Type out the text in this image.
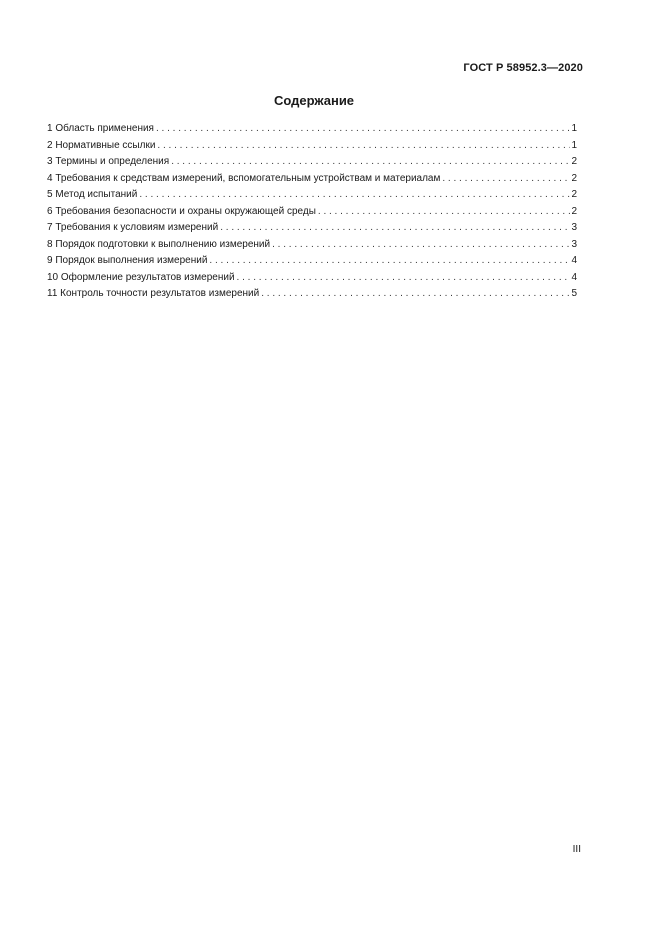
ГОСТ Р 58952.3—2020
Содержание
1 Область применения . . .	1
2 Нормативные ссылки . . .	1
3 Термины и определения . . .	2
4 Требования к средствам измерений, вспомогательным устройствам и материалам . . .	2
5 Метод испытаний . . .	2
6 Требования безопасности и охраны окружающей среды . . .	2
7 Требования к условиям измерений . . .	3
8 Порядок подготовки к выполнению измерений . . .	3
9 Порядок выполнения измерений . . .	4
10 Оформление результатов измерений . . .	4
11 Контроль точности результатов измерений . . .	5
III
